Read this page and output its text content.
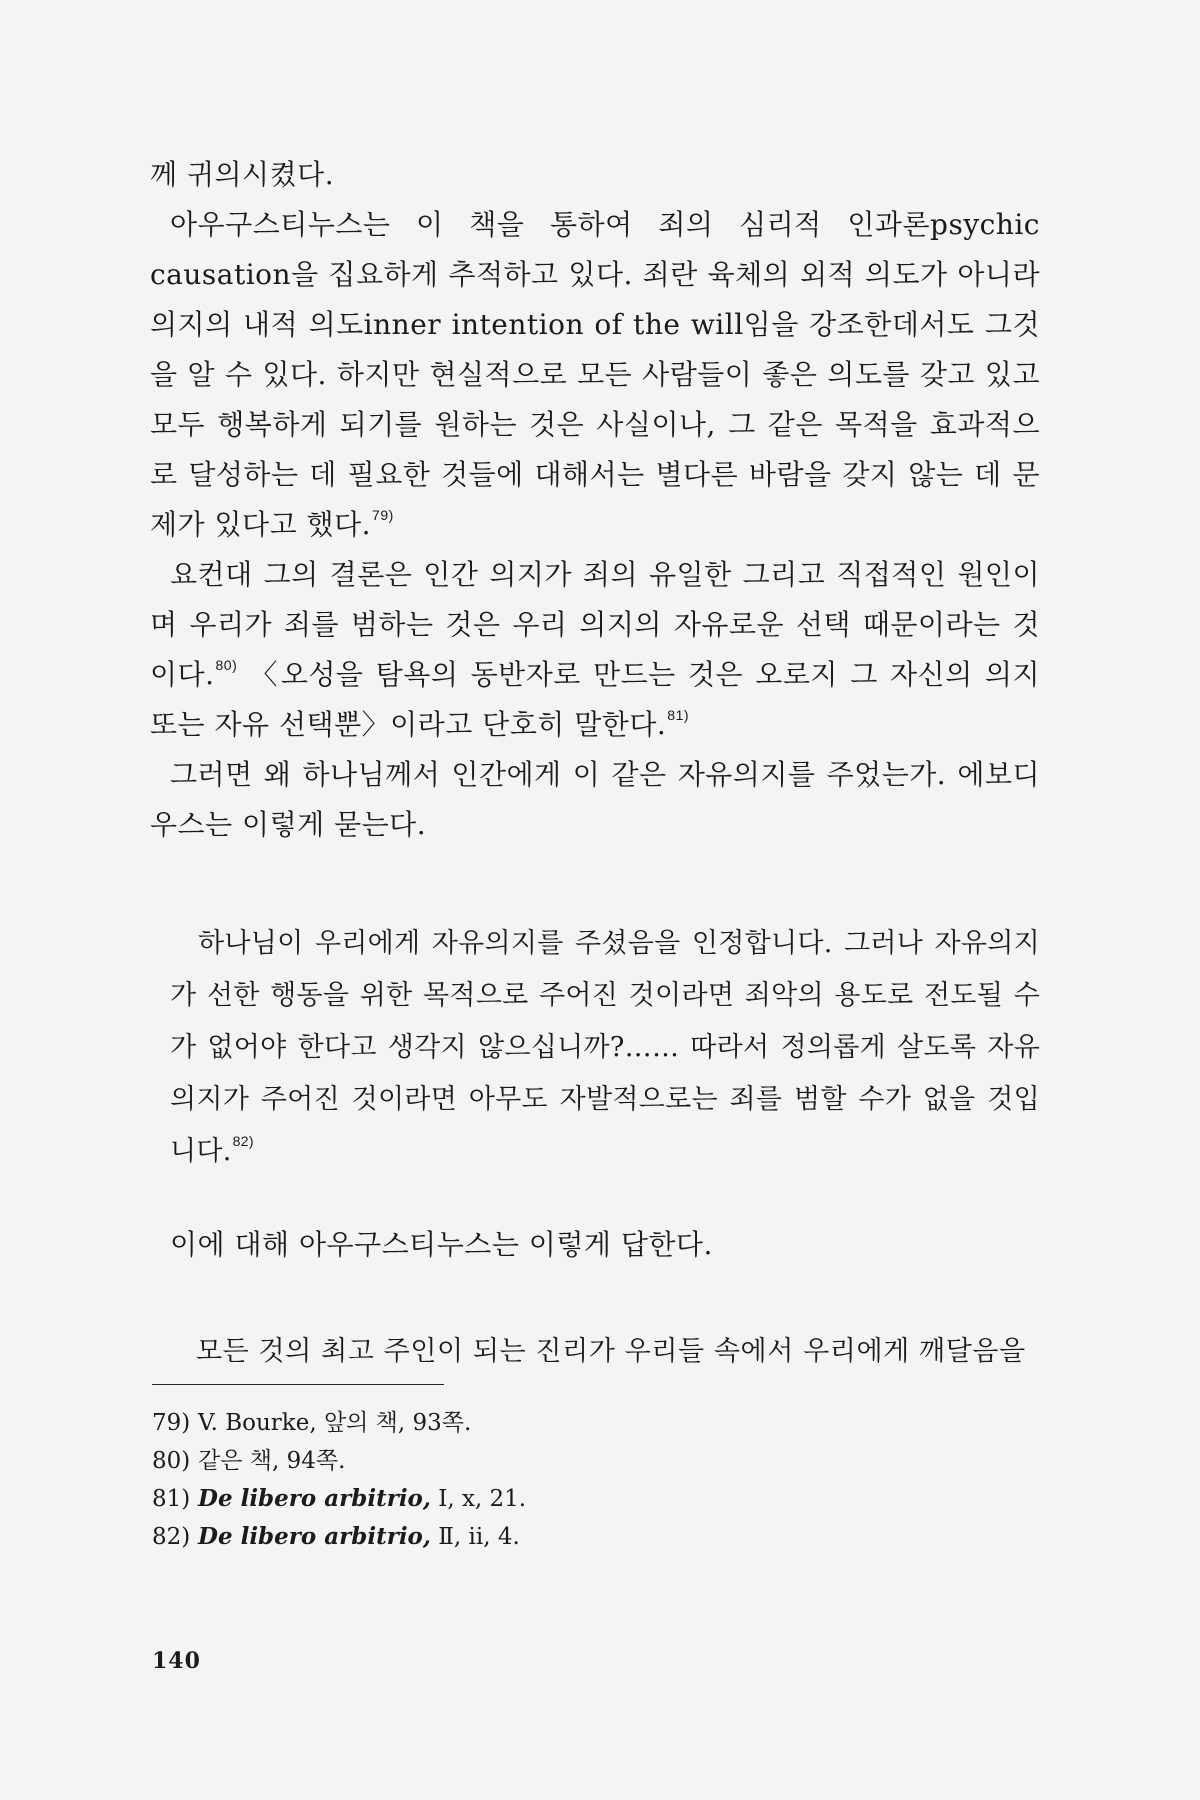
께 귀의시켰다.

아우구스티누스는 이 책을 통하여 죄의 심리적 인과론psychic causation을 집요하게 추적하고 있다. 죄란 육체의 외적 의도가 아니라 의지의 내적 의도inner intention of the will임을 강조한데서도 그것을 알 수 있다. 하지만 현실적으로 모든 사람들이 좋은 의도를 갖고 있고 모두 행복하게 되기를 원하는 것은 사실이나, 그 같은 목적을 효과적으로 달성하는 데 필요한 것들에 대해서는 별다른 바람을 갖지 않는 데 문제가 있다고 했다.$^{79)}$

요컨대 그의 결론은 인간 의지가 죄의 유일한 그리고 직접적인 원인이며 우리가 죄를 범하는 것은 우리 의지의 자유로운 선택 때문이라는 것이다.$^{80)}$ 〈오성을 탐욕의 동반자로 만드는 것은 오로지 그 자신의 의지 또는 자유 선택뿐〉이라고 단호히 말한다.$^{81)}$

그러면 왜 하나님께서 인간에게 이 같은 자유의지를 주었는가. 에보디우스는 이렇게 묻는다.

하나님이 우리에게 자유의지를 주셨음을 인정합니다. 그러나 자유의지가 선한 행동을 위한 목적으로 주어진 것이라면 죄악의 용도로 전도될 수가 없어야 한다고 생각지 않으십니까?…… 따라서 정의롭게 살도록 자유의지가 주어진 것이라면 아무도 자발적으로는 죄를 범할 수가 없을 것입니다.$^{82)}$

이에 대해 아우구스티누스는 이렇게 답한다.

모든 것의 최고 주인이 되는 진리가 우리들 속에서 우리에게 깨달음을

79) V. Bourke, 앞의 책, 93쪽.
80) 같은 책, 94쪽.
81) De libero arbitrio, Ⅰ, x, 21.
82) De libero arbitrio, Ⅱ, ii, 4.
140
